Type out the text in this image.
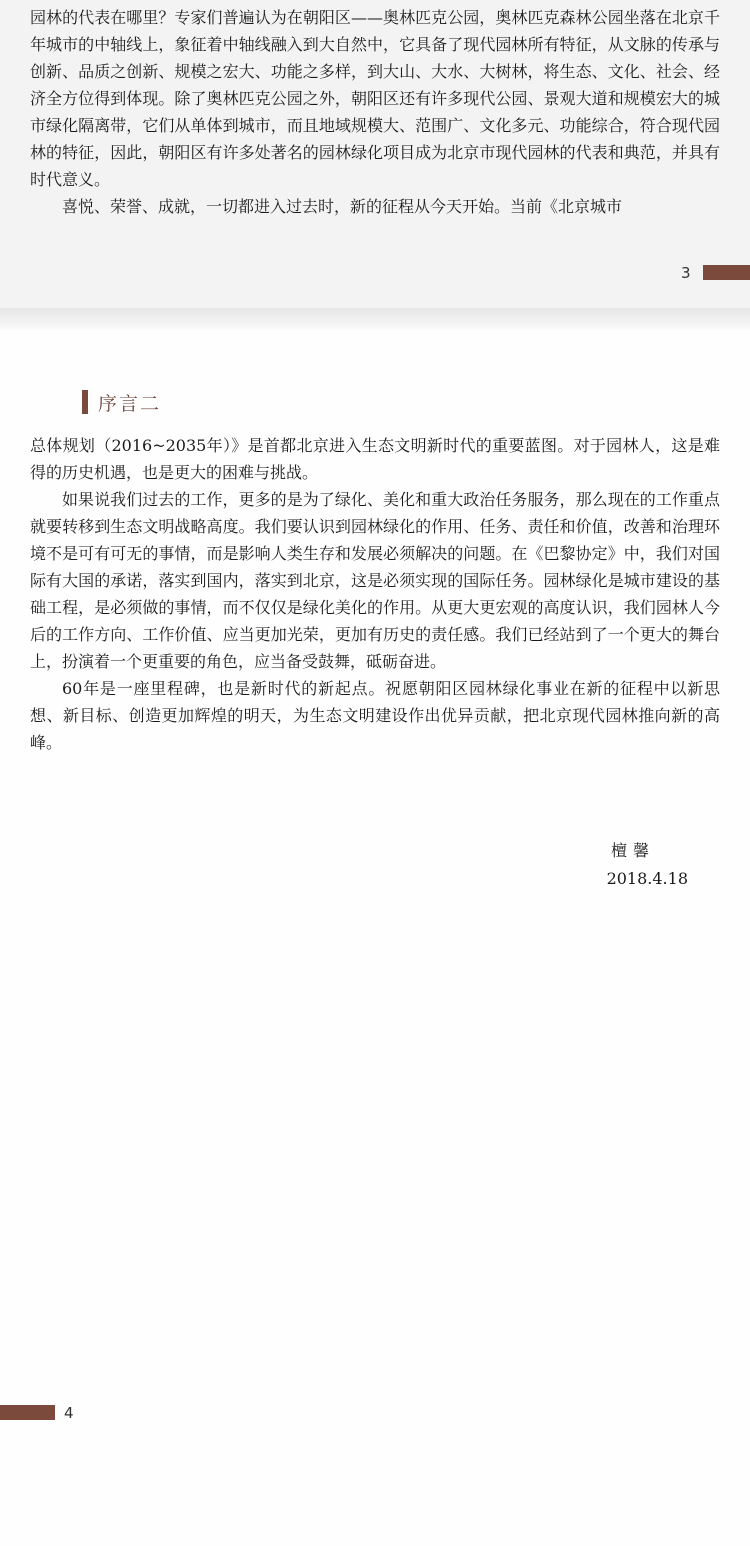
园林的代表在哪里？专家们普遍认为在朝阳区——奥林匹克公园，奥林匹克森林公园坐落在北京千年城市的中轴线上，象征着中轴线融入到大自然中，它具备了现代园林所有特征，从文脉的传承与创新、品质之创新、规模之宏大、功能之多样，到大山、大水、大树林，将生态、文化、社会、经济全方位得到体现。除了奥林匹克公园之外，朝阳区还有许多现代公园、景观大道和规模宏大的城市绿化隔离带，它们从单体到城市，而且地域规模大、范围广、文化多元、功能综合，符合现代园林的特征，因此，朝阳区有许多处著名的园林绿化项目成为北京市现代园林的代表和典范，并具有时代意义。

喜悦、荣誉、成就，一切都进入过去时，新的征程从今天开始。当前《北京城市

3
序言二

总体规划（2016~2035年）》是首都北京进入生态文明新时代的重要蓝图。对于园林人，这是难得的历史机遇，也是更大的困难与挑战。

如果说我们过去的工作，更多的是为了绿化、美化和重大政治任务服务，那么现在的工作重点就要转移到生态文明战略高度。我们要认识到园林绿化的作用、任务、责任和价值，改善和治理环境不是可有可无的事情，而是影响人类生存和发展必须解决的问题。在《巴黎协定》中，我们对国际有大国的承诺，落实到国内，落实到北京，这是必须实现的国际任务。园林绿化是城市建设的基础工程，是必须做的事情，而不仅仅是绿化美化的作用。从更大更宏观的高度认识，我们园林人今后的工作方向、工作价值、应当更加光荣，更加有历史的责任感。我们已经站到了一个更大的舞台上，扮演着一个更重要的角色，应当备受鼓舞，砥砺奋进。

60年是一座里程碑，也是新时代的新起点。祝愿朝阳区园林绿化事业在新的征程中以新思想、新目标、创造更加辉煌的明天，为生态文明建设作出优异贡献，把北京现代园林推向新的高峰。

檀馨
2018.4.18
4
